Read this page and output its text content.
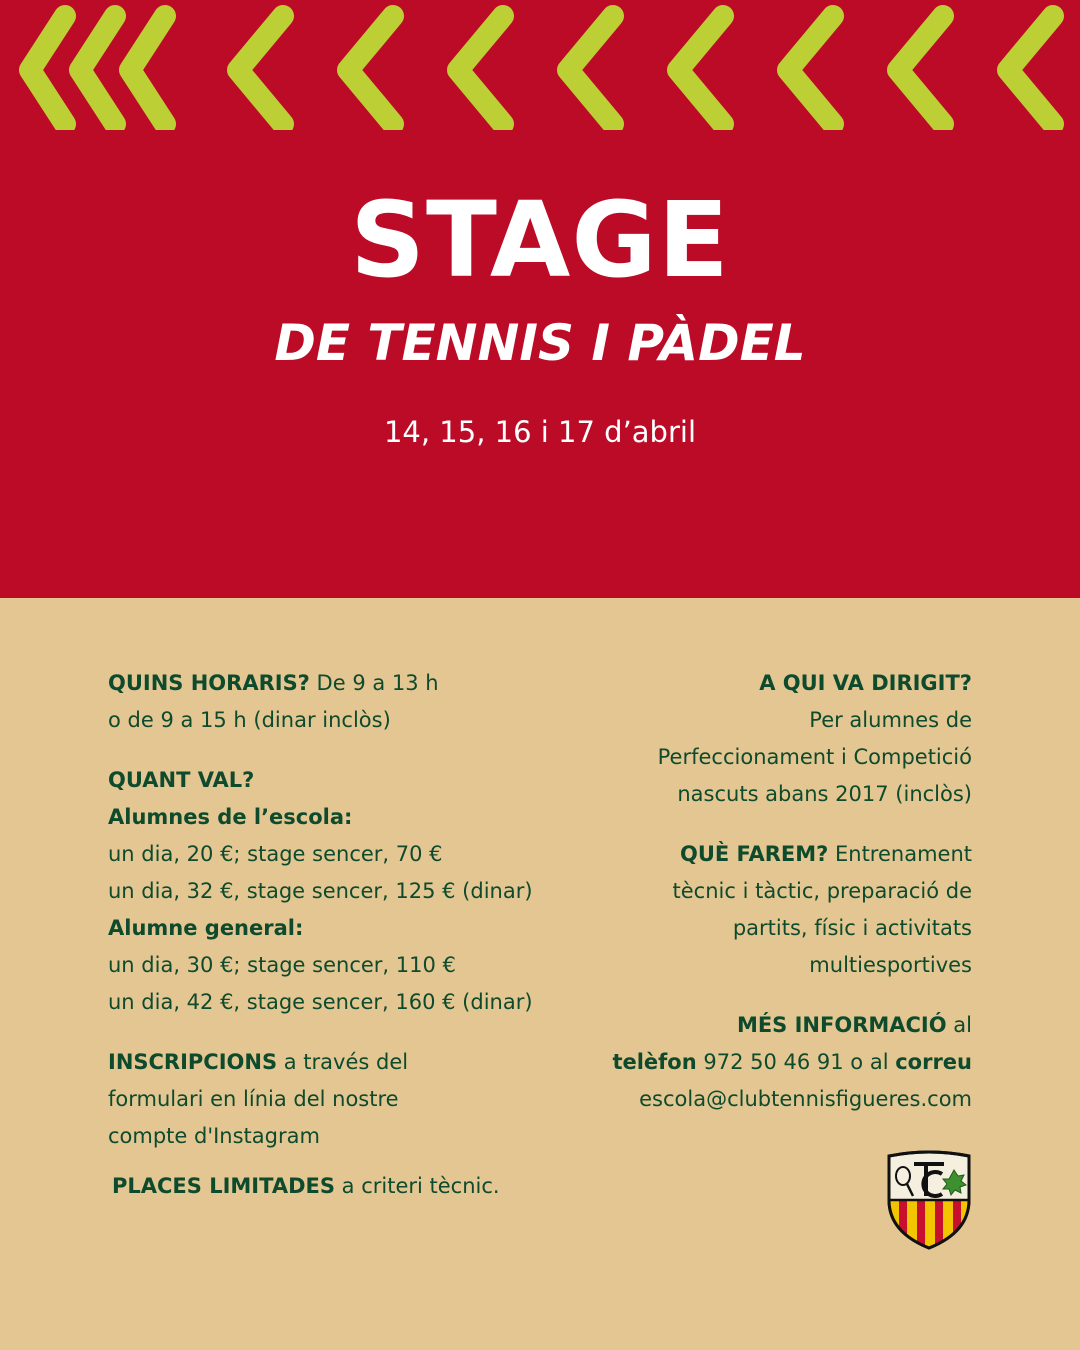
STAGE
DE TENNIS I PÀDEL
14, 15, 16 i 17 d’abril

QUINS HORARIS? De 9 a 13 h

o de 9 a 15 h (dinar inclòs)

QUANT VAL?

Alumnes de l’escola:

un dia, 20 €; stage sencer, 70 €

un dia, 32 €, stage sencer, 125 € (dinar)

Alumne general:

un dia, 30 €; stage sencer, 110 €

un dia, 42 €, stage sencer, 160 € (dinar)

INSCRIPCIONS a través del

formulari en línia del nostre

compte d'Instagram

PLACES LIMITADES a criteri tècnic.

A QUI VA DIRIGIT?

Per alumnes de

Perfeccionament i Competició

nascuts abans 2017 (inclòs)

QUÈ FAREM? Entrenament

tècnic i tàctic, preparació de

partits, físic i activitats

multiesportives

MÉS INFORMACIÓ al

telèfon 972 50 46 91 o al correu

escola@clubtennisfigueres.com
